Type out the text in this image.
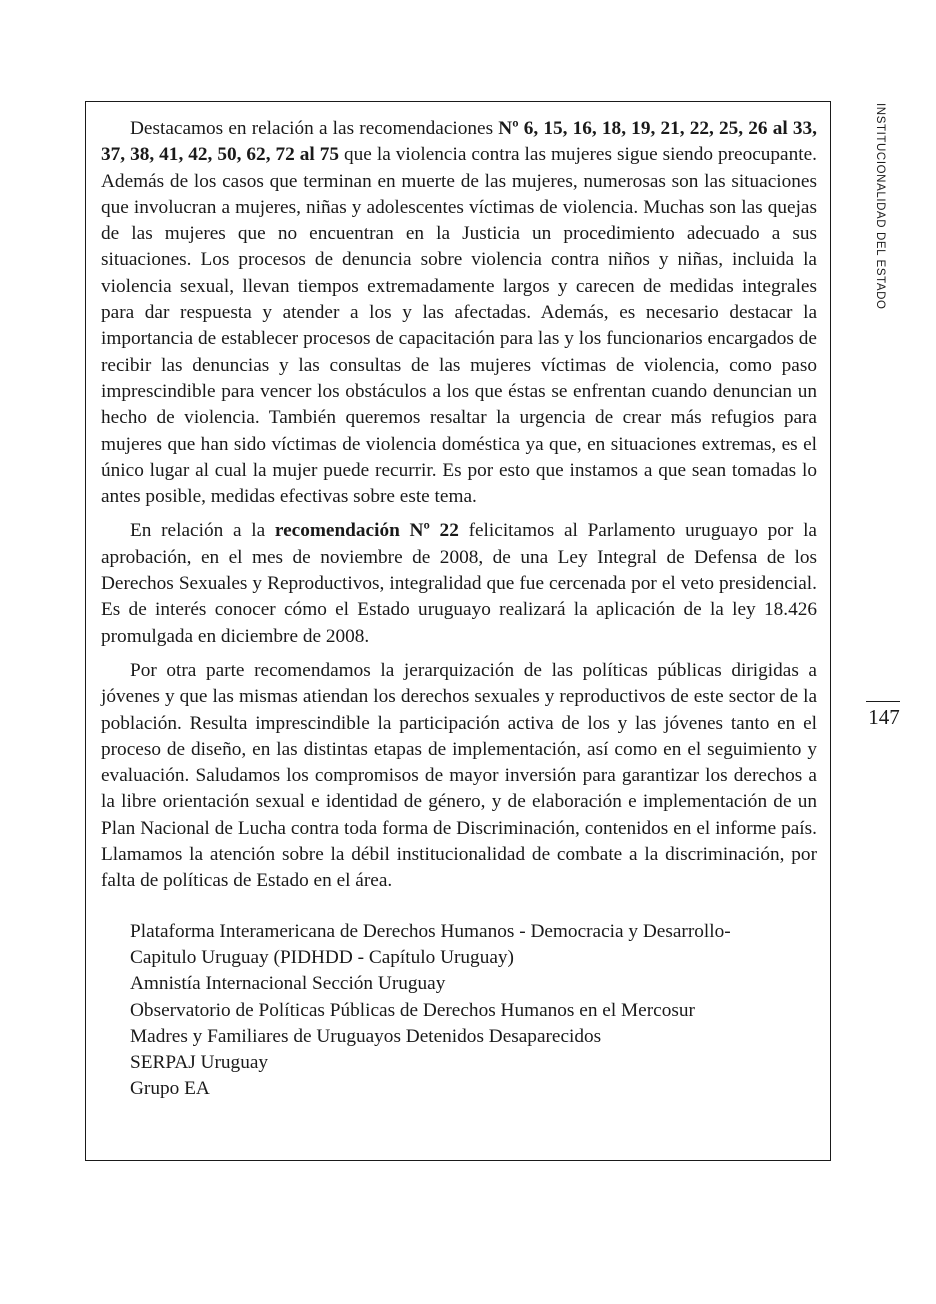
Destacamos en relación a las recomendaciones Nº 6, 15, 16, 18, 19, 21, 22, 25, 26 al 33, 37, 38, 41, 42, 50, 62, 72 al 75 que la violencia contra las mujeres sigue siendo preocupante. Además de los casos que terminan en muerte de las mujeres, numerosas son las situaciones que involucran a mujeres, niñas y adolescentes víctimas de violencia. Muchas son las quejas de las mujeres que no encuentran en la Justicia un procedimiento adecuado a sus situaciones. Los procesos de denuncia sobre violencia contra niños y niñas, incluida la violencia sexual, llevan tiempos extremadamente largos y carecen de medidas integrales para dar respuesta y atender a los y las afectadas. Además, es necesario destacar la importancia de establecer procesos de capacitación para las y los funcionarios encargados de recibir las denuncias y las consultas de las mujeres víctimas de violencia, como paso imprescindible para vencer los obstáculos a los que éstas se enfrentan cuando denuncian un hecho de violencia. También queremos resaltar la urgencia de crear más refugios para mujeres que han sido víctimas de violencia doméstica ya que, en situaciones extremas, es el único lugar al cual la mujer puede recurrir. Es por esto que instamos a que sean tomadas lo antes posible, medidas efectivas sobre este tema.

En relación a la recomendación Nº 22 felicitamos al Parlamento uruguayo por la aprobación, en el mes de noviembre de 2008, de una Ley Integral de Defensa de los Derechos Sexuales y Reproductivos, integralidad que fue cercenada por el veto presidencial. Es de interés conocer cómo el Estado uruguayo realizará la aplicación de la ley 18.426 promulgada en diciembre de 2008.

Por otra parte recomendamos la jerarquización de las políticas públicas dirigidas a jóvenes y que las mismas atiendan los derechos sexuales y reproductivos de este sector de la población. Resulta imprescindible la participación activa de los y las jóvenes tanto en el proceso de diseño, en las distintas etapas de implementación, así como en el seguimiento y evaluación. Saludamos los compromisos de mayor inversión para garantizar los derechos a la libre orientación sexual e identidad de género, y de elaboración e implementación de un Plan Nacional de Lucha contra toda forma de Discriminación, contenidos en el informe país. Llamamos la atención sobre la débil institucionalidad de combate a la discriminación, por falta de políticas de Estado en el área.

Plataforma Interamericana de Derechos Humanos - Democracia y Desarrollo-
Capitulo Uruguay (PIDHDD - Capítulo Uruguay)
Amnistía Internacional Sección Uruguay
Observatorio de Políticas Públicas de Derechos Humanos en el Mercosur
Madres y Familiares de Uruguayos Detenidos Desaparecidos
SERPAJ Uruguay
Grupo EA
INSTITUCIONALIDAD DEL ESTADO
147
